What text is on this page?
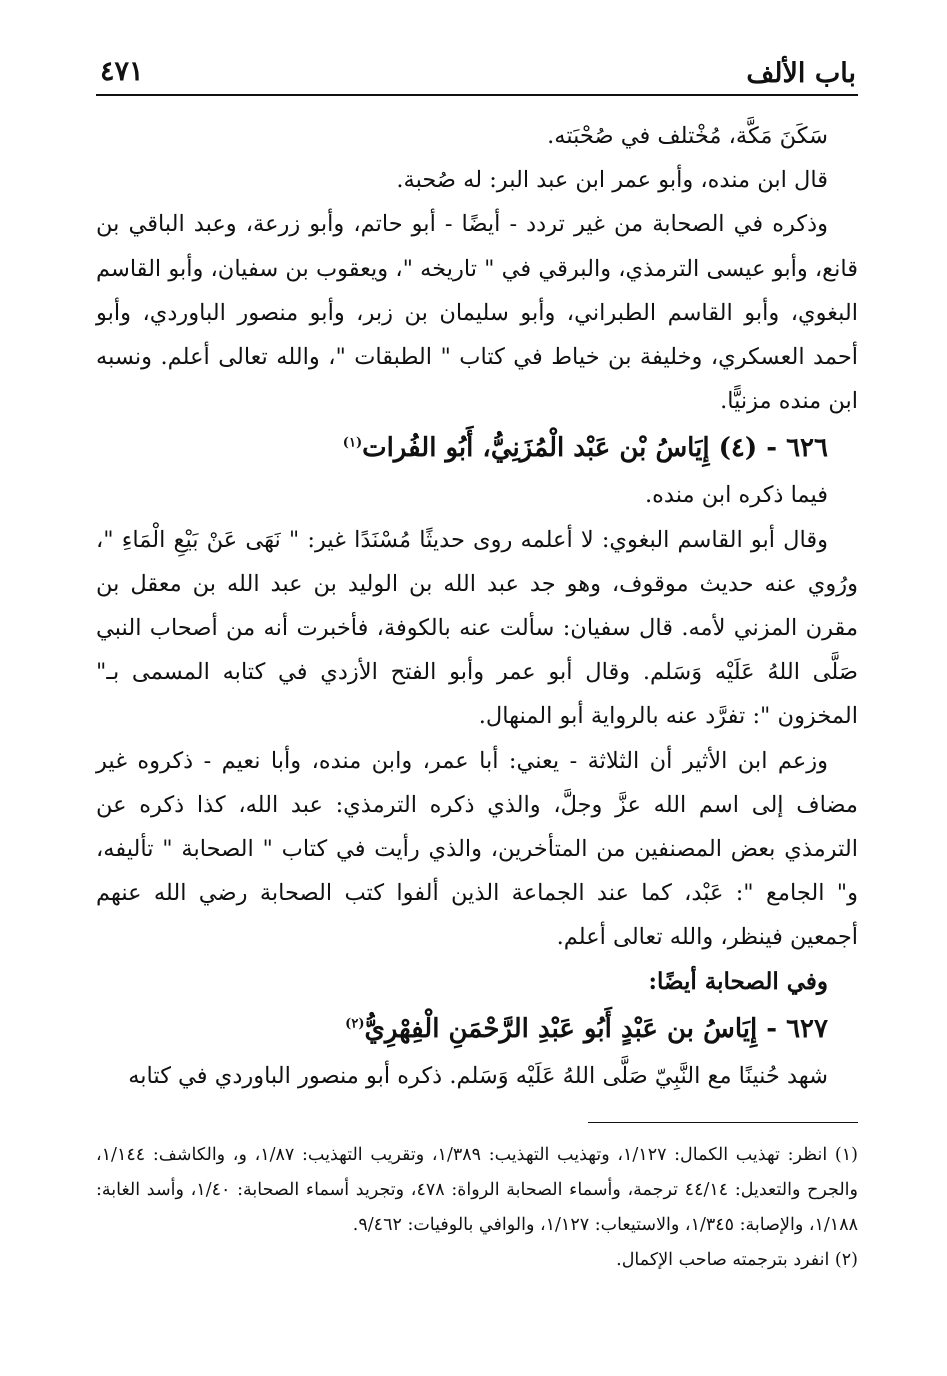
باب الألف
٤٧١

سَكَنَ مَكَّة، مُخْتلف في صُحْبَته.

قال ابن منده، وأبو عمر ابن عبد البر: له صُحبة.

وذكره في الصحابة من غير تردد - أيضًا - أبو حاتم، وأبو زرعة، وعبد الباقي بن قانع، وأبو عيسى الترمذي، والبرقي في " تاريخه "، ويعقوب بن سفيان، وأبو القاسم البغوي، وأبو القاسم الطبراني، وأبو سليمان بن زبر، وأبو منصور الباوردي، وأبو أحمد العسكري، وخليفة بن خياط في كتاب " الطبقات "، والله تعالى أعلم. ونسبه ابن منده مزنيًّا.

٦٢٦ - (٤) إِيَاسُ بْن عَبْد الْمُزَنِيُّ، أَبُو الفُرات$^{(١)}$

فيما ذكره ابن منده.

وقال أبو القاسم البغوي: لا أعلمه روى حديثًا مُسْنَدًا غير: " نَهَى عَنْ بَيْعِ الْمَاءِ "، ورُوي عنه حديث موقوف، وهو جد عبد الله بن الوليد بن عبد الله بن معقل بن مقرن المزني لأمه. قال سفيان: سألت عنه بالكوفة، فأخبرت أنه من أصحاب النبي صَلَّى اللهُ عَلَيْه وَسَلم. وقال أبو عمر وأبو الفتح الأزدي في كتابه المسمى بـ" المخزون ": تفرَّد عنه بالرواية أبو المنهال.

وزعم ابن الأثير أن الثلاثة - يعني: أبا عمر، وابن منده، وأبا نعيم - ذكروه غير مضاف إلى اسم الله عزَّ وجلَّ، والذي ذكره الترمذي: عبد الله، كذا ذكره عن الترمذي بعض المصنفين من المتأخرين، والذي رأيت في كتاب " الصحابة " تأليفه، و" الجامع ": عَبْد، كما عند الجماعة الذين ألفوا كتب الصحابة رضي الله عنهم أجمعين فينظر، والله تعالى أعلم.

وفي الصحابة أيضًا:
٦٢٧ - إِيَاسُ بن عَبْدٍ أَبُو عَبْدِ الرَّحْمَنِ الْفِهْرِيُّ$^{(٢)}$

شهد حُنينًا مع النَّبِيّ صَلَّى اللهُ عَلَيْه وَسَلم. ذكره أبو منصور الباوردي في كتابه

(١) انظر: تهذيب الكمال: ١/١٢٧، وتهذيب التهذيب: ١/٣٨٩، وتقريب التهذيب: ١/٨٧، و، والكاشف: ١/١٤٤، والجرح والتعديل: ٤٤/١٤ ترجمة، وأسماء الصحابة الرواة: ٤٧٨، وتجريد أسماء الصحابة: ١/٤٠، وأسد الغابة: ١/١٨٨، والإصابة: ١/٣٤٥، والاستيعاب: ١/١٢٧، والوافي بالوفيات: ٩/٤٦٢.

(٢) انفرد بترجمته صاحب الإكمال.
